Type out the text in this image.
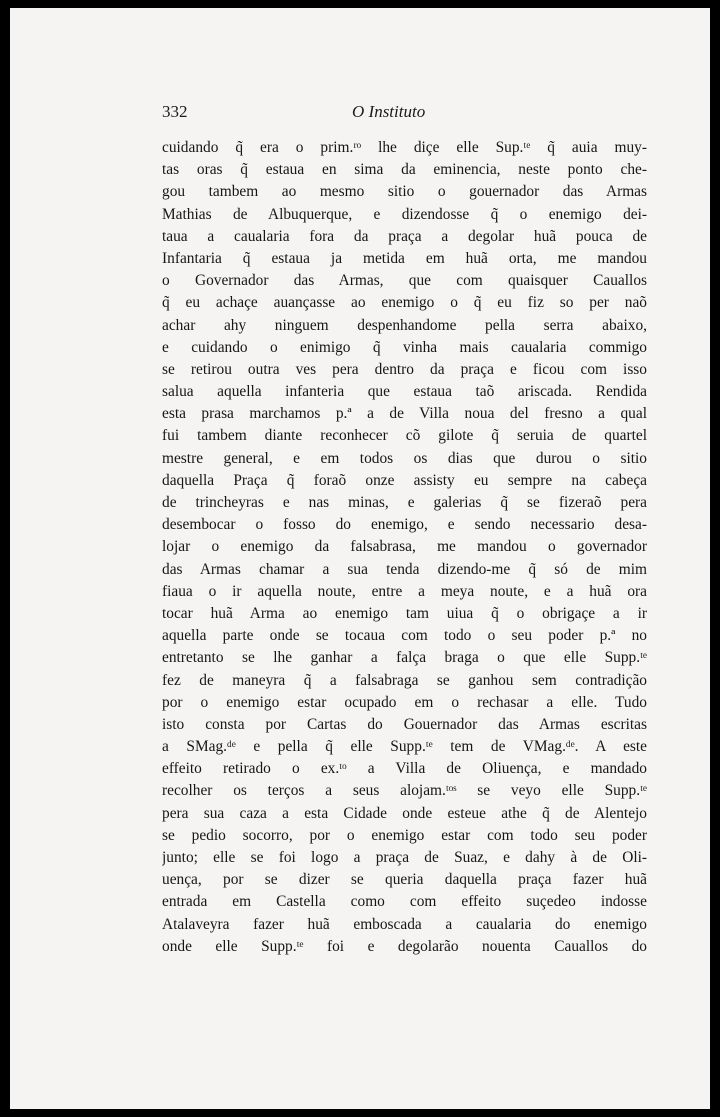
332	O Instituto
cuidando q̃ era o prim.ʳᵒ lhe diçe elle Sup.ᵗᵉ q̃ auia muy-
tas oras q̃ estaua en sima da eminencia, neste ponto che-
gou tambem ao mesmo sitio o gouernador das Armas
Mathias de Albuquerque, e dizendosse q̃ o enemigo dei-
taua a caualaria fora da praça a degolar huã pouca de
Infantaria q̃ estaua ja metida em huã orta, me mandou
o Governador das Armas, que com quaisquer Cauallos
q̃ eu achaçe auançasse ao enemigo o q̃ eu fiz so per naõ
achar ahy ninguem despenhandome pella serra abaixo,
e cuidando o enimigo q̃ vinha mais caualaria commigo
se retirou outra ves pera dentro da praça e ficou com isso
salua aquella infanteria que estaua taõ ariscada. Rendida
esta prasa marchamos p.ª a de Villa noua del fresno a qual
fui tambem diante reconhecer cõ gilote q̃ seruia de quartel
mestre general, e em todos os dias que durou o sitio
daquella Praça q̃ foraõ onze assisty eu sempre na cabeça
de trincheyras e nas minas, e galerias q̃ se fizeraõ pera
desembocar o fosso do enemigo, e sendo necessario desa-
lojar o enemigo da falsabrasa, me mandou o governador
das Armas chamar a sua tenda dizendo-me q̃ só de mim
fiaua o ir aquella noute, entre a meya noute, e a huã ora
tocar huã Arma ao enemigo tam uiua q̃ o obrigaçe a ir
aquella parte onde se tocaua com todo o seu poder p.ª no
entretanto se lhe ganhar a falça braga o que elle Supp.ᵗᵉ
fez de maneyra q̃ a falsabraga se ganhou sem contradição
por o enemigo estar ocupado em o rechasar a elle. Tudo
isto consta por Cartas do Gouernador das Armas escritas
a SMag.ᵈᵉ e pella q̃ elle Supp.ᵗᵉ tem de VMag.ᵈᵉ. A este
effeito retirado o ex.ᵗᵒ a Villa de Oliuença, e mandado
recolher os terços a seus alojam.ᵗᵒˢ se veyo elle Supp.ᵗᵉ
pera sua caza a esta Cidade onde esteue athe q̃ de Alentejo
se pedio socorro, por o enemigo estar com todo seu poder
junto; elle se foi logo a praça de Suaz, e dahy à de Oli-
uença, por se dizer se queria daquella praça fazer huã
entrada em Castella como com effeito suçedeo indosse
Atalaveyra fazer huã emboscada a caualaria do enemigo
onde elle Supp.ᵗᵉ foi e degolarão nouenta Cauallos do
